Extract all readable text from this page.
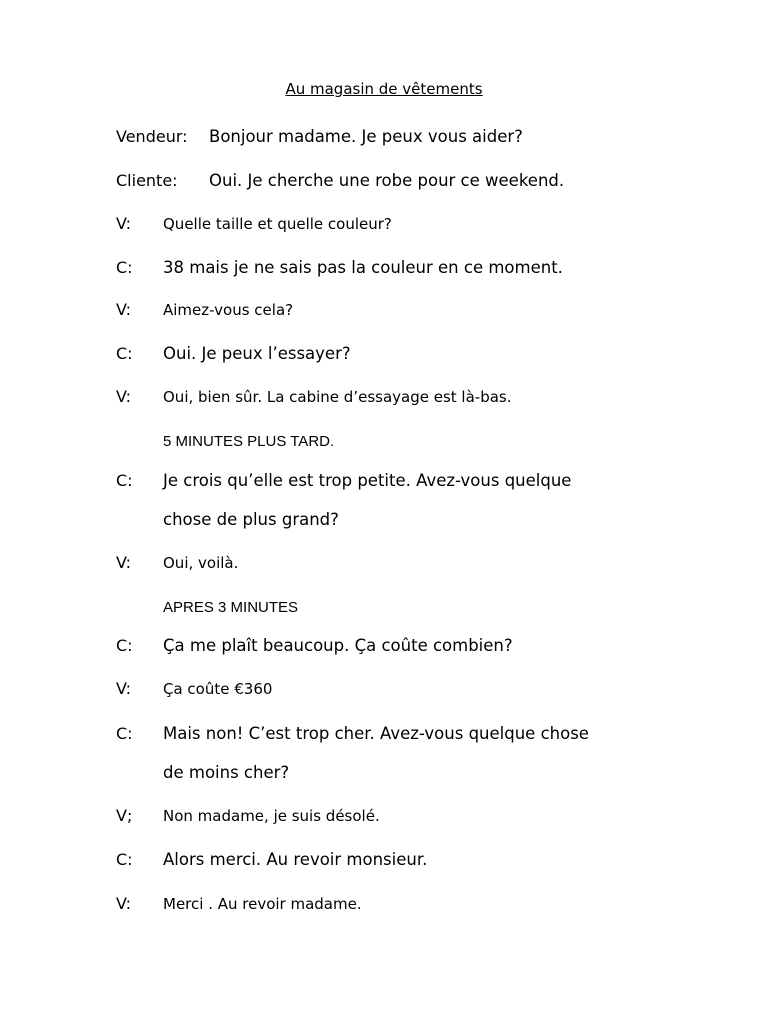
Au magasin de vêtements
Vendeur: Bonjour madame. Je peux vous aider?
Cliente: Oui. Je cherche une robe pour ce weekend.
V: Quelle taille et quelle couleur?
C: 38 mais je ne sais pas la couleur en ce moment.
V: Aimez-vous cela?
C: Oui. Je peux l’essayer?
V: Oui, bien sûr. La cabine d’essayage est là-bas.
5 MINUTES PLUS TARD.
C: Je crois qu’elle est trop petite. Avez-vous quelque
chose de plus grand?
V: Oui, voilà.
APRES 3 MINUTES
C: Ça me plaît beaucoup. Ça coûte combien?
V: Ça coûte €360
C: Mais non! C’est trop cher. Avez-vous quelque chose
de moins cher?
V; Non madame, je suis désolé.
C: Alors merci. Au revoir monsieur.
V: Merci . Au revoir madame.
